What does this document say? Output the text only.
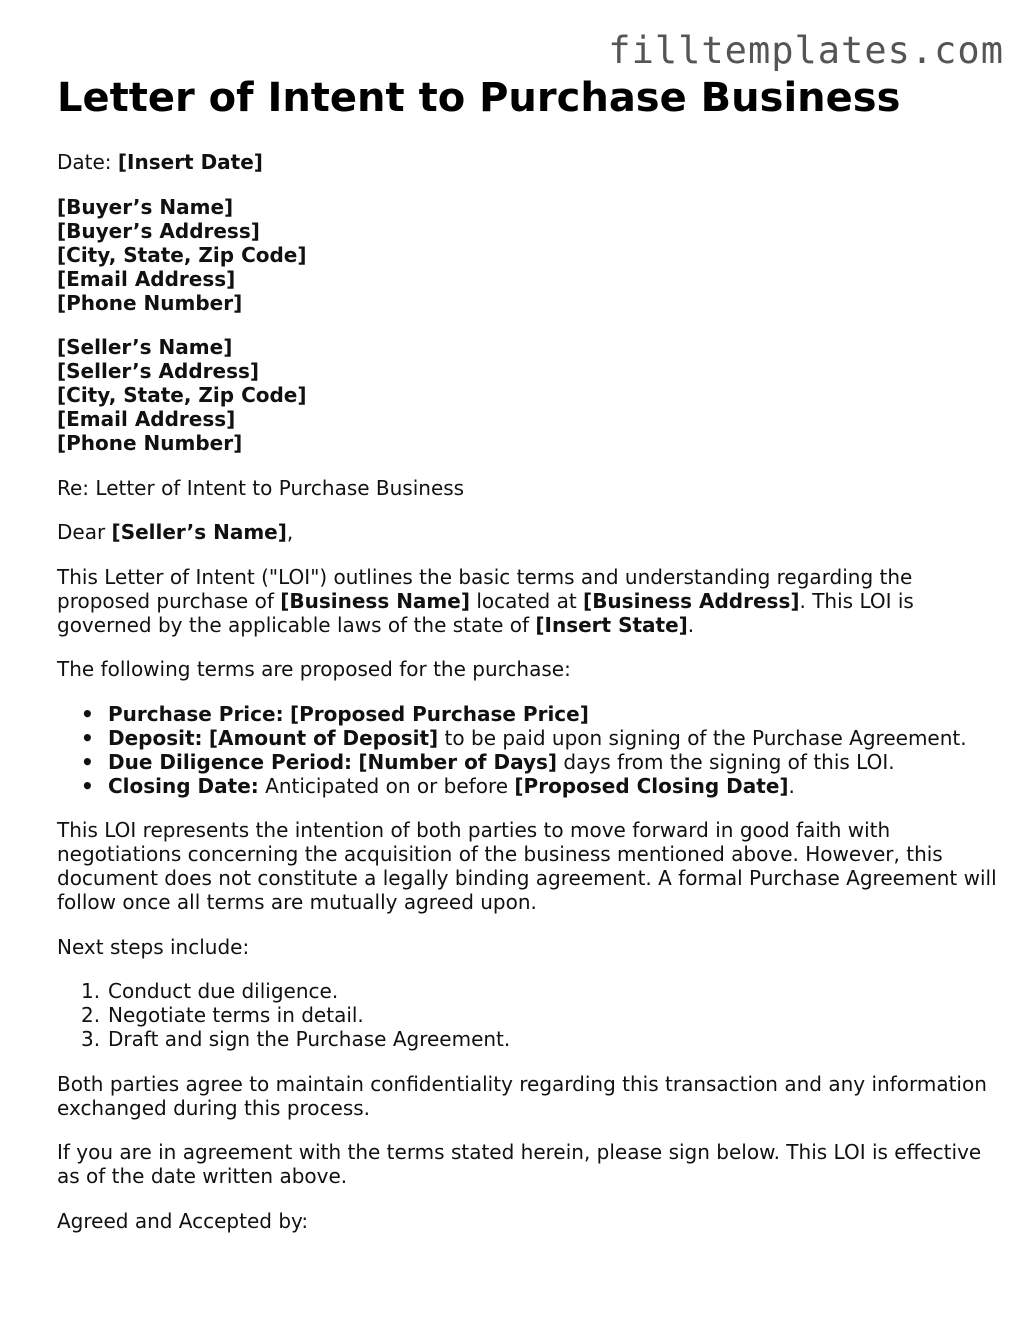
filltemplates.com
Letter of Intent to Purchase Business

Date: [Insert Date]

[Buyer’s Name]

[Buyer’s Address]

[City, State, Zip Code]

[Email Address]

[Phone Number]

[Seller’s Name]

[Seller’s Address]

[City, State, Zip Code]

[Email Address]

[Phone Number]

Re: Letter of Intent to Purchase Business

Dear [Seller’s Name],

This Letter of Intent ("LOI") outlines the basic terms and understanding regarding the proposed purchase of [Business Name] located at [Business Address]. This LOI is governed by the applicable laws of the state of [Insert State].

The following terms are proposed for the purchase:

• Purchase Price: [Proposed Purchase Price]
• Deposit: [Amount of Deposit] to be paid upon signing of the Purchase Agreement.
• Due Diligence Period: [Number of Days] days from the signing of this LOI.
• Closing Date: Anticipated on or before [Proposed Closing Date].

This LOI represents the intention of both parties to move forward in good faith with negotiations concerning the acquisition of the business mentioned above. However, this document does not constitute a legally binding agreement. A formal Purchase Agreement will follow once all terms are mutually agreed upon.

Next steps include:

1. Conduct due diligence.
2. Negotiate terms in detail.
3. Draft and sign the Purchase Agreement.

Both parties agree to maintain confidentiality regarding this transaction and any information exchanged during this process.

If you are in agreement with the terms stated herein, please sign below. This LOI is effective as of the date written above.

Agreed and Accepted by:
